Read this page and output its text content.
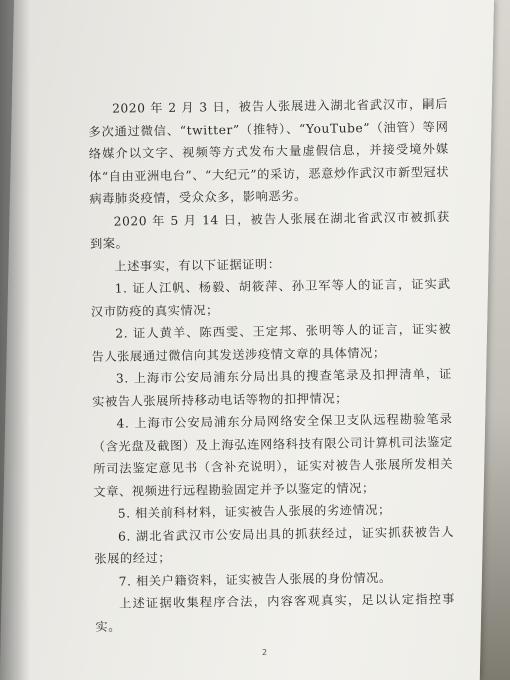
2020 年 2 月 3 日，被告人张展进入湖北省武汉市，嗣后多次通过微信、“twitter”（推特）、“YouTube”（油管）等网络媒介以文字、视频等方式发布大量虚假信息，并接受境外媒体“自由亚洲电台”、“大纪元”的采访，恶意炒作武汉市新型冠状病毒肺炎疫情，受众众多，影响恶劣。

2020 年 5 月 14 日，被告人张展在湖北省武汉市被抓获到案。

上述事实，有以下证据证明：

1. 证人江帆、杨毅、胡筱萍、孙卫军等人的证言，证实武汉市防疫的真实情况；

2. 证人黄羊、陈西雯、王定邦、张明等人的证言，证实被告人张展通过微信向其发送涉疫情文章的具体情况；

3. 上海市公安局浦东分局出具的搜查笔录及扣押清单，证实被告人张展所持移动电话等物的扣押情况；

4. 上海市公安局浦东分局网络安全保卫支队远程勘验笔录（含光盘及截图）及上海弘连网络科技有限公司计算机司法鉴定所司法鉴定意见书（含补充说明），证实对被告人张展所发相关文章、视频进行远程勘验固定并予以鉴定的情况；

5. 相关前科材料，证实被告人张展的劣迹情况；

6. 湖北省武汉市公安局出具的抓获经过，证实抓获被告人张展的经过；

7. 相关户籍资料，证实被告人张展的身份情况。

上述证据收集程序合法，内容客观真实，足以认定指控事实。

2
